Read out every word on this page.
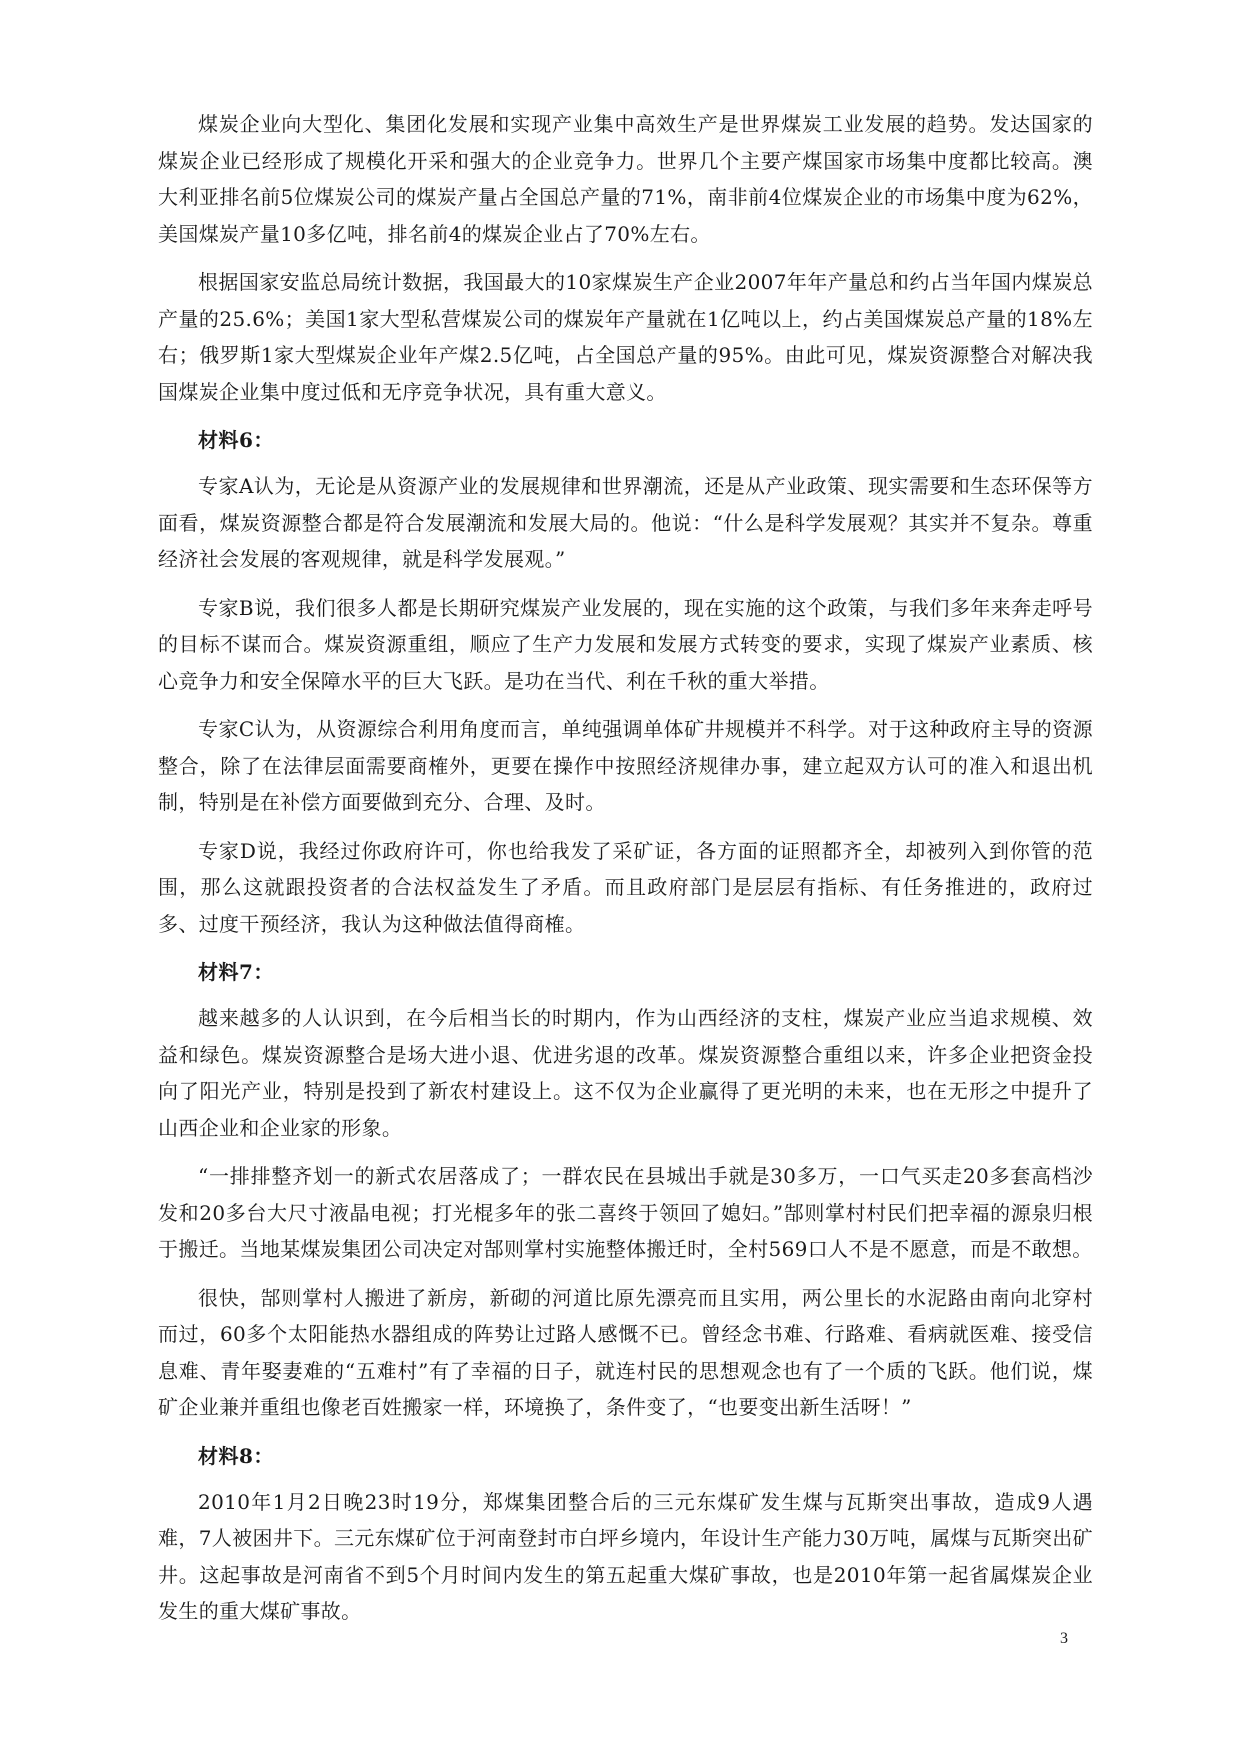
煤炭企业向大型化、集团化发展和实现产业集中高效生产是世界煤炭工业发展的趋势。发达国家的煤炭企业已经形成了规模化开采和强大的企业竞争力。世界几个主要产煤国家市场集中度都比较高。澳大利亚排名前5位煤炭公司的煤炭产量占全国总产量的71%，南非前4位煤炭企业的市场集中度为62%，美国煤炭产量10多亿吨，排名前4的煤炭企业占了70%左右。

根据国家安监总局统计数据，我国最大的10家煤炭生产企业2007年年产量总和约占当年国内煤炭总产量的25.6%；美国1家大型私营煤炭公司的煤炭年产量就在1亿吨以上，约占美国煤炭总产量的18%左右；俄罗斯1家大型煤炭企业年产煤2.5亿吨，占全国总产量的95%。由此可见，煤炭资源整合对解决我国煤炭企业集中度过低和无序竞争状况，具有重大意义。

材料6：

专家A认为，无论是从资源产业的发展规律和世界潮流，还是从产业政策、现实需要和生态环保等方面看，煤炭资源整合都是符合发展潮流和发展大局的。他说：“什么是科学发展观？其实并不复杂。尊重经济社会发展的客观规律，就是科学发展观。”

专家B说，我们很多人都是长期研究煤炭产业发展的，现在实施的这个政策，与我们多年来奔走呼号的目标不谋而合。煤炭资源重组，顺应了生产力发展和发展方式转变的要求，实现了煤炭产业素质、核心竞争力和安全保障水平的巨大飞跃。是功在当代、利在千秋的重大举措。

专家C认为，从资源综合利用角度而言，单纯强调单体矿井规模并不科学。对于这种政府主导的资源整合，除了在法律层面需要商榷外，更要在操作中按照经济规律办事，建立起双方认可的准入和退出机制，特别是在补偿方面要做到充分、合理、及时。

专家D说，我经过你政府许可，你也给我发了采矿证，各方面的证照都齐全，却被列入到你管的范围，那么这就跟投资者的合法权益发生了矛盾。而且政府部门是层层有指标、有任务推进的，政府过多、过度干预经济，我认为这种做法值得商榷。

材料7：

越来越多的人认识到，在今后相当长的时期内，作为山西经济的支柱，煤炭产业应当追求规模、效益和绿色。煤炭资源整合是场大进小退、优进劣退的改革。煤炭资源整合重组以来，许多企业把资金投向了阳光产业，特别是投到了新农村建设上。这不仅为企业赢得了更光明的未来，也在无形之中提升了山西企业和企业家的形象。

“一排排整齐划一的新式农居落成了；一群农民在县城出手就是30多万，一口气买走20多套高档沙发和20多台大尺寸液晶电视；打光棍多年的张二喜终于领回了媳妇。”郜则掌村村民们把幸福的源泉归根于搬迁。当地某煤炭集团公司决定对郜则掌村实施整体搬迁时，全村569口人不是不愿意，而是不敢想。

很快，郜则掌村人搬进了新房，新砌的河道比原先漂亮而且实用，两公里长的水泥路由南向北穿村而过，60多个太阳能热水器组成的阵势让过路人感慨不已。曾经念书难、行路难、看病就医难、接受信息难、青年娶妻难的“五难村”有了幸福的日子，就连村民的思想观念也有了一个质的飞跃。他们说，煤矿企业兼并重组也像老百姓搬家一样，环境换了，条件变了，“也要变出新生活呀！”

材料8：

2010年1月2日晚23时19分，郑煤集团整合后的三元东煤矿发生煤与瓦斯突出事故，造成9人遇难，7人被困井下。三元东煤矿位于河南登封市白坪乡境内，年设计生产能力30万吨，属煤与瓦斯突出矿井。这起事故是河南省不到5个月时间内发生的第五起重大煤矿事故，也是2010年第一起省属煤炭企业发生的重大煤矿事故。

3
